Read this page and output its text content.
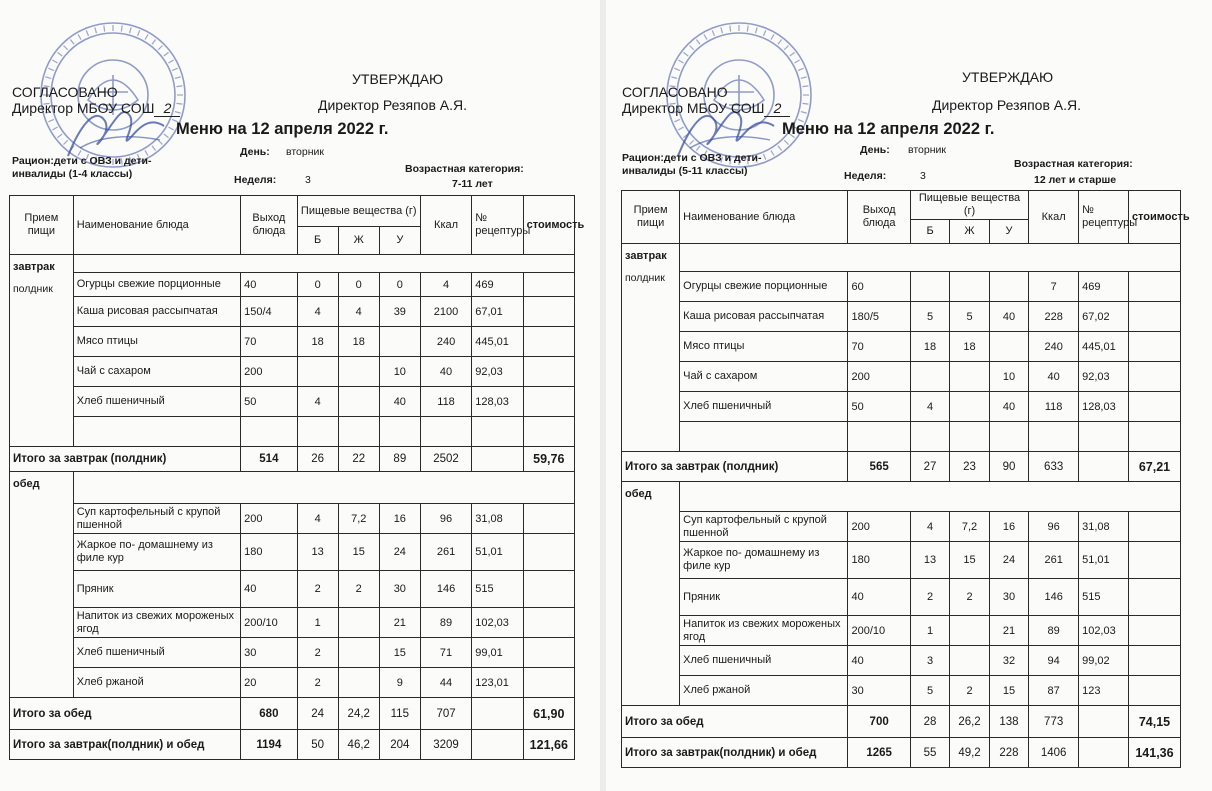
СОГЛАСОВАНО
Директор МБОУ СОШ 2
УТВЕРЖДАЮ
Директор Резяпов А.Я.
Меню на 12 апреля 2022 г.
Рацион:дети с ОВЗ и дети-инвалиды (1-4 классы)
День: вторник
Неделя:	3
Возрастная категория:
7-11 лет
Прием пищи	Наименование блюда	Выход блюда	Пищевые вещества (г)			Ккал	№ рецептуры	стоимость
			Б	Ж	У			
завтрак
полдник								

	Огурцы свежие порционные	40	0	0	0	4	469	
	Каша рисовая рассыпчатая	150/4	4	4	39	2100	67,01	
	Мясо птицы	70	18	18		240	445,01	
	Чай с сахаром	200			10	40	92,03	
	Хлеб пшеничный	50	4		40	118	128,03	

Итого за завтрак (полдник)		514	26	22	89	2502		59,76
обед								
	Суп картофельный с крупой пшенной	200	4	7,2	16	96	31,08	
	Жаркое по- домашнему из филе кур	180	13	15	24	261	51,01	
	Пряник	40	2	2	30	146	515	
	Напиток из свежих мороженых ягод	200/10	1		21	89	102,03	
	Хлеб пшеничный	30	2		15	71	99,01	
	Хлеб ржаной	20	2		9	44	123,01	
Итого за обед		680	24	24,2	115	707		61,90
Итого за завтрак(полдник) и обед		1194	50	46,2	204	3209		121,66
СОГЛАСОВАНО
Директор МБОУ СОШ 2
УТВЕРЖДАЮ
Директор Резяпов А.Я.
Меню на 12 апреля 2022 г.
Рацион:дети с ОВЗ и дети-инвалиды (5-11 классы)
День: вторник
Неделя:	3
Возрастная категория:
12 лет и старше
Прием пищи	Наименование блюда	Выход блюда	Пищевые вещества (г)			Ккал	№ рецептуры	стоимость
			Б	Ж	У			
завтрак
полдник								

	Огурцы свежие порционные	60				7	469	
	Каша рисовая рассыпчатая	180/5	5	5	40	228	67,02	
	Мясо птицы	70	18	18		240	445,01	
	Чай с сахаром	200			10	40	92,03	
	Хлеб пшеничный	50	4		40	118	128,03	

Итого за завтрак (полдник)		565	27	23	90	633		67,21
обед								
	Суп картофельный с крупой пшенной	200	4	7,2	16	96	31,08	
	Жаркое по- домашнему из филе кур	180	13	15	24	261	51,01	
	Пряник	40	2	2	30	146	515	
	Напиток из свежих мороженых ягод	200/10	1		21	89	102,03	
	Хлеб пшеничный	40	3		32	94	99,02	
	Хлеб ржаной	30	5	2	15	87	123	
Итого за обед		700	28	26,2	138	773		74,15
Итого за завтрак(полдник) и обед		1265	55	49,2	228	1406		141,36
